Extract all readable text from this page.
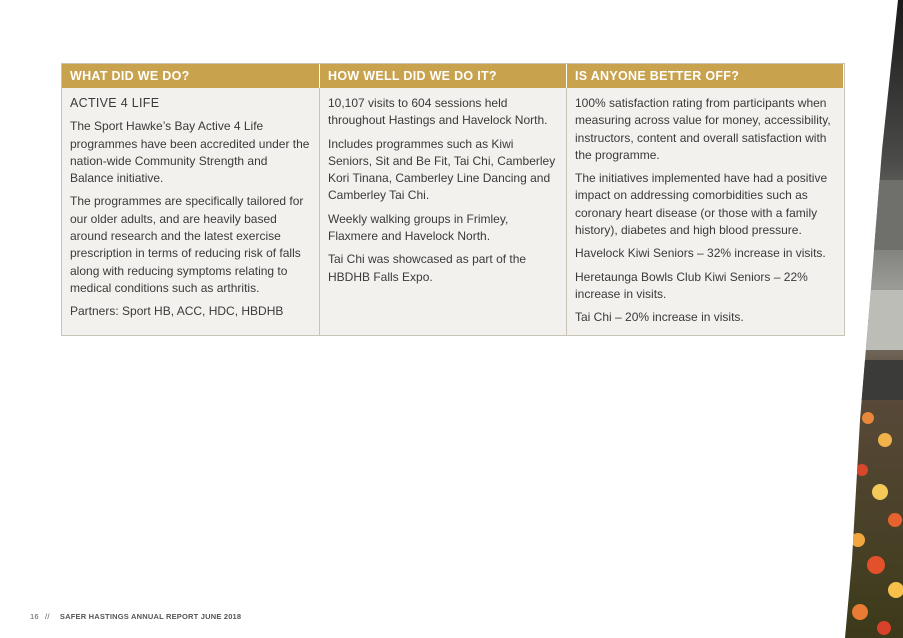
WHAT DID WE DO?	HOW WELL DID WE DO IT?	IS ANYONE BETTER OFF?

ACTIVE 4 LIFE

The Sport Hawke’s Bay Active 4 Life programmes have been accredited under the nation-wide Community Strength and Balance initiative.

The programmes are specifically tailored for our older adults, and are heavily based around research and the latest exercise prescription in terms of reducing risk of falls along with reducing symptoms relating to medical conditions such as arthritis.

Partners: Sport HB, ACC, HDC, HBDHB

10,107 visits to 604 sessions held throughout Hastings and Havelock North.

Includes programmes such as Kiwi Seniors, Sit and Be Fit, Tai Chi, Camberley Kori Tinana, Camberley Line Dancing and Camberley Tai Chi.

Weekly walking groups in Frimley, Flaxmere and Havelock North.

Tai Chi was showcased as part of the HBDHB Falls Expo.

100% satisfaction rating from participants when measuring across value for money, accessibility, instructors, content and overall satisfaction with the programme.

The initiatives implemented have had a positive impact on addressing comorbidities such as coronary heart disease (or those with a family history), diabetes and high blood pressure.

Havelock Kiwi Seniors – 32% increase in visits.

Heretaunga Bowls Club Kiwi Seniors – 22% increase in visits.

Tai Chi – 20% increase in visits.

16 // SAFER HASTINGS ANNUAL REPORT JUNE 2018
